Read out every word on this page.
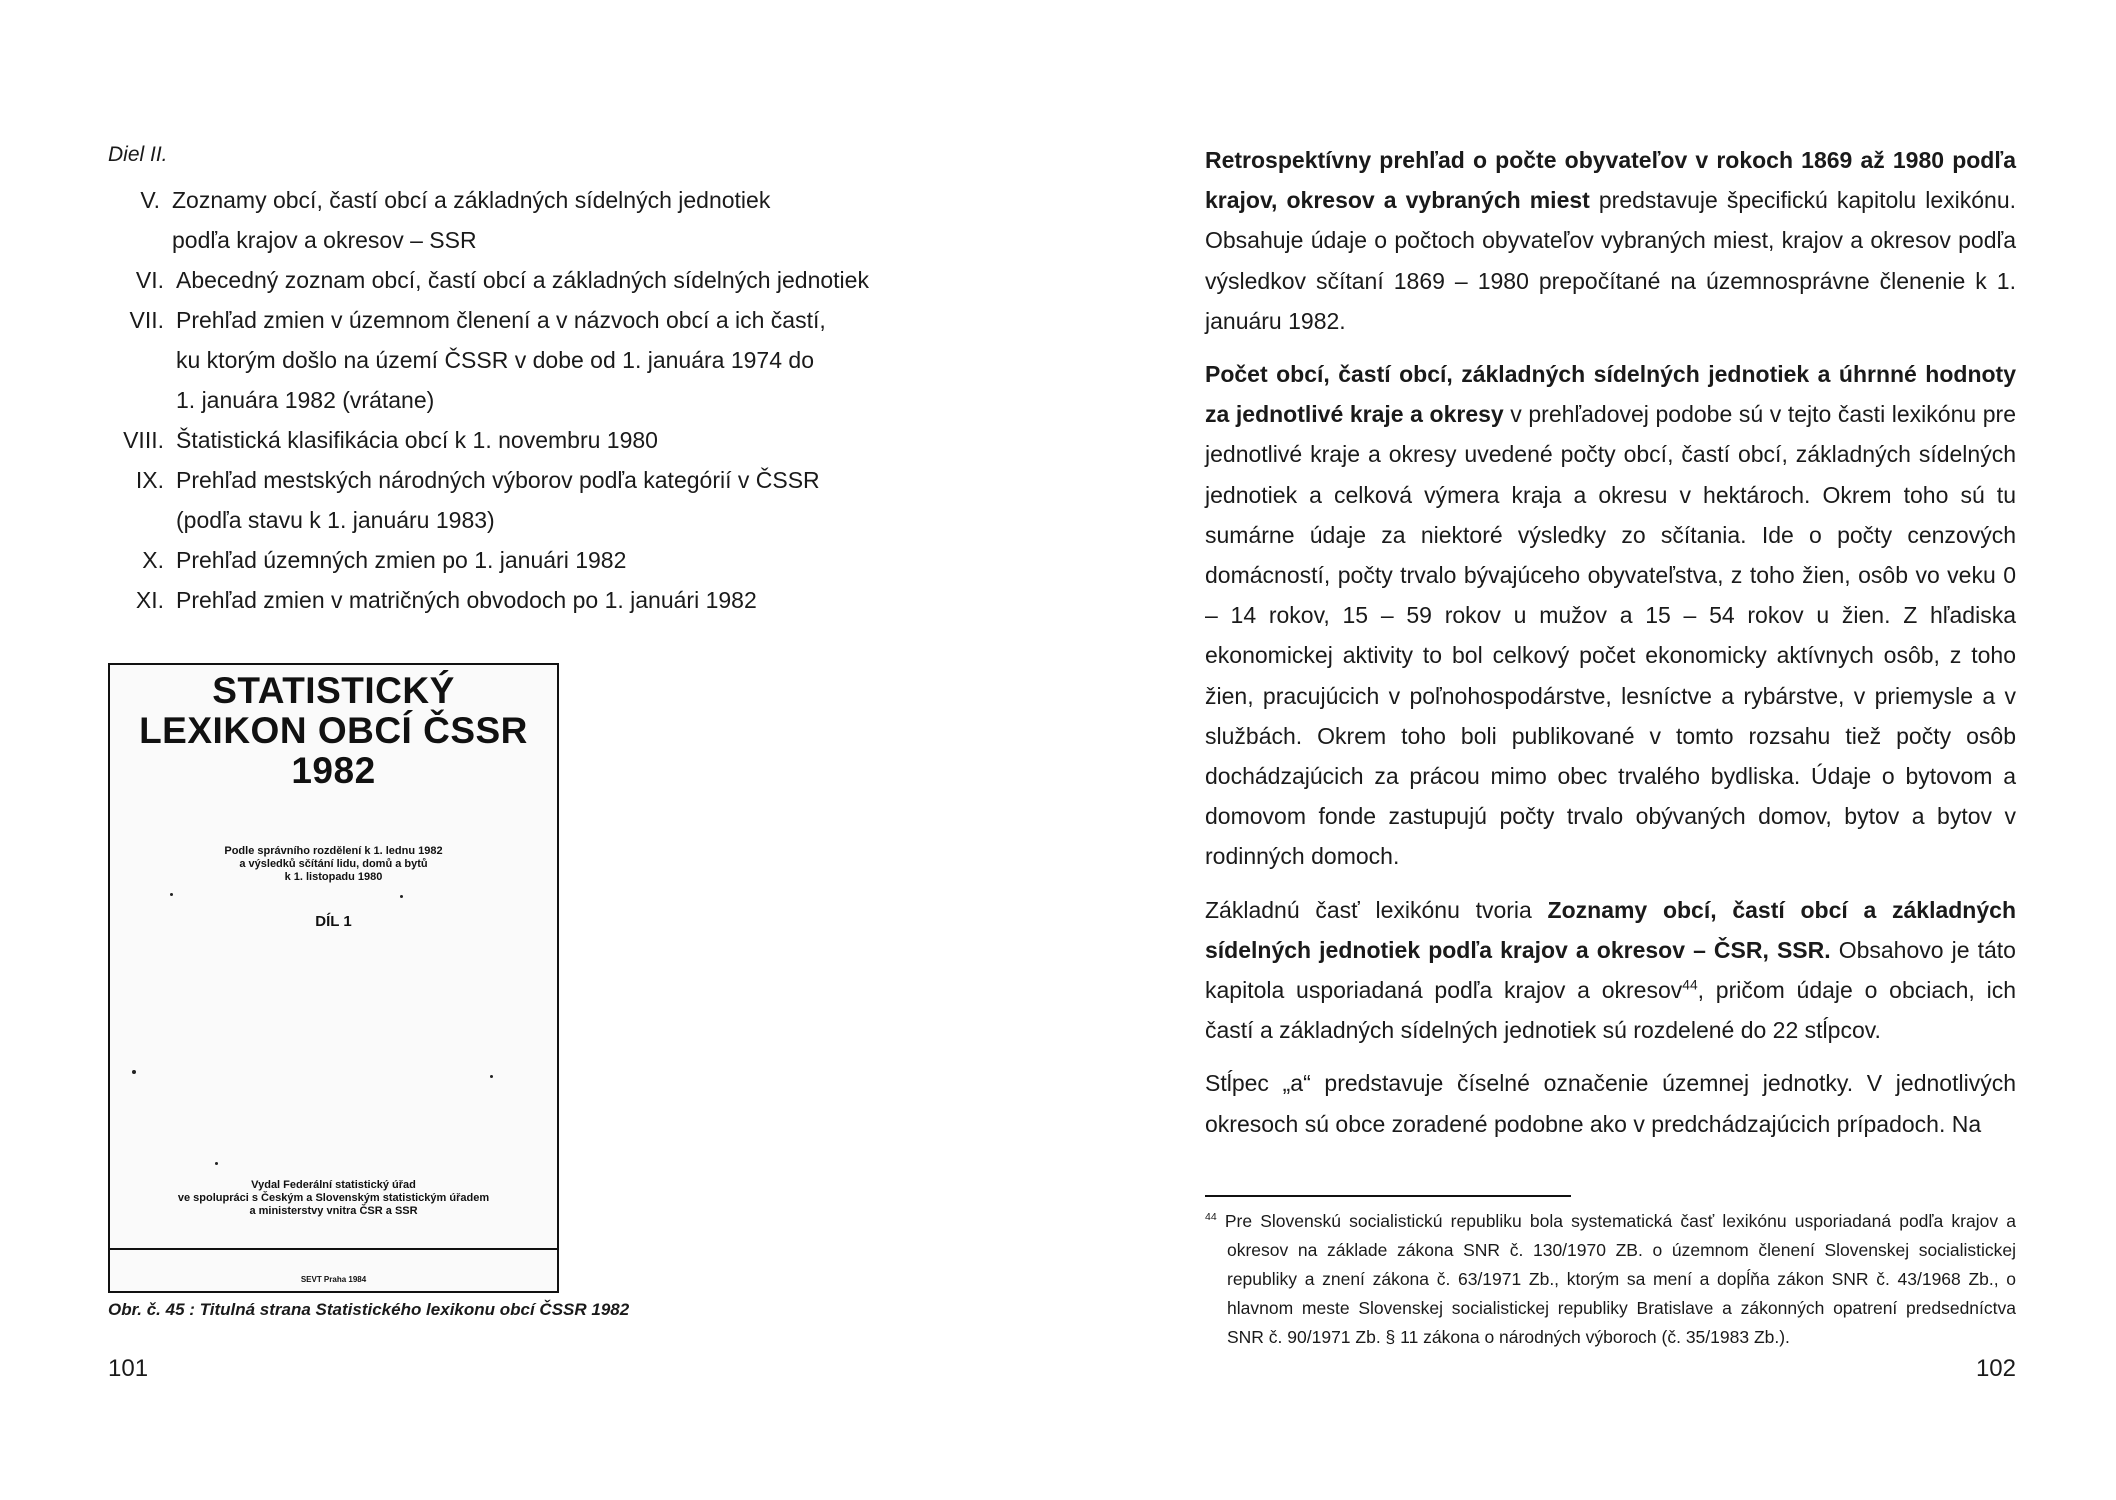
Diel II.
V. Zoznamy obcí, častí obcí a základných sídelných jednotiek podľa krajov a okresov – SSR
VI. Abecedný zoznam obcí, častí obcí a základných sídelných jednotiek
VII. Prehľad zmien v územnom členení a v názvoch obcí a ich častí, ku ktorým došlo na území ČSSR v dobe od 1. januára 1974 do 1. januára 1982 (vrátane)
VIII. Štatistická klasifikácia obcí k 1. novembru 1980
IX. Prehľad mestských národných výborov podľa kategórií v ČSSR (podľa stavu k 1. januáru 1983)
X. Prehľad územných zmien po 1. januári 1982
XI. Prehľad zmien v matričných obvodoch po 1. januári 1982
STATISTICKÝ
LEXIKON OBCÍ ČSSR
1982
Podle správního rozdělení k 1. lednu 1982
a výsledků sčítání lidu, domů a bytů
k 1. listopadu 1980
DÍL 1
Vydal Federální statistický úřad
ve spolupráci s Českým a Slovenským statistickým úřadem
a ministerstvy vnitra ČSR a SSR
SEVT Praha 1984
Obr. č. 45 : Titulná strana Statistického lexikonu obcí ČSSR 1982
101

Retrospektívny prehľad o počte obyvateľov v rokoch 1869 až 1980 podľa krajov, okresov a vybraných miest predstavuje špecifickú kapitolu lexikónu. Obsahuje údaje o počtoch obyvateľov vybraných miest, krajov a okresov podľa výsledkov sčítaní 1869 – 1980 prepočítané na územnosprávne členenie k 1. januáru 1982.

Počet obcí, častí obcí, základných sídelných jednotiek a úhrnné hodnoty za jednotlivé kraje a okresy v prehľadovej podobe sú v tejto časti lexikónu pre jednotlivé kraje a okresy uvedené počty obcí, častí obcí, základných sídelných jednotiek a celková výmera kraja a okresu v hektároch. Okrem toho sú tu sumárne údaje za niektoré výsledky zo sčítania. Ide o počty cenzových domácností, počty trvalo bývajúceho obyvateľstva, z toho žien, osôb vo veku 0 – 14 rokov, 15 – 59 rokov u mužov a 15 – 54 rokov u žien. Z hľadiska ekonomickej aktivity to bol celkový počet ekonomicky aktívnych osôb, z toho žien, pracujúcich v poľnohospodárstve, lesníctve a rybárstve, v priemysle a v službách. Okrem toho boli publikované v tomto rozsahu tiež počty osôb dochádzajúcich za prácou mimo obec trvalého bydliska. Údaje o bytovom a domovom fonde zastupujú počty trvalo obývaných domov, bytov a bytov v rodinných domoch.

Základnú časť lexikónu tvoria Zoznamy obcí, častí obcí a základných sídelných jednotiek podľa krajov a okresov – ČSR, SSR. Obsahovo je táto kapitola usporiadaná podľa krajov a okresov$^{44}$, pričom údaje o obciach, ich častí a základných sídelných jednotiek sú rozdelené do 22 stĺpcov.

Stĺpec „a“ predstavuje číselné označenie územnej jednotky. V jednotlivých okresoch sú obce zoradené podobne ako v predchádzajúcich prípadoch. Na

$^{44}$ Pre Slovenskú socialistickú republiku bola systematická časť lexikónu usporiadaná podľa krajov a okresov na základe zákona SNR č. 130/1970 ZB. o územnom členení Slovenskej socialistickej republiky a znení zákona č. 63/1971 Zb., ktorým sa mení a dopĺňa zákon SNR č. 43/1968 Zb., o hlavnom meste Slovenskej socialistickej republiky Bratislave a zákonných opatrení predsedníctva SNR č. 90/1971 Zb. § 11 zákona o národných výboroch (č. 35/1983 Zb.).
102
